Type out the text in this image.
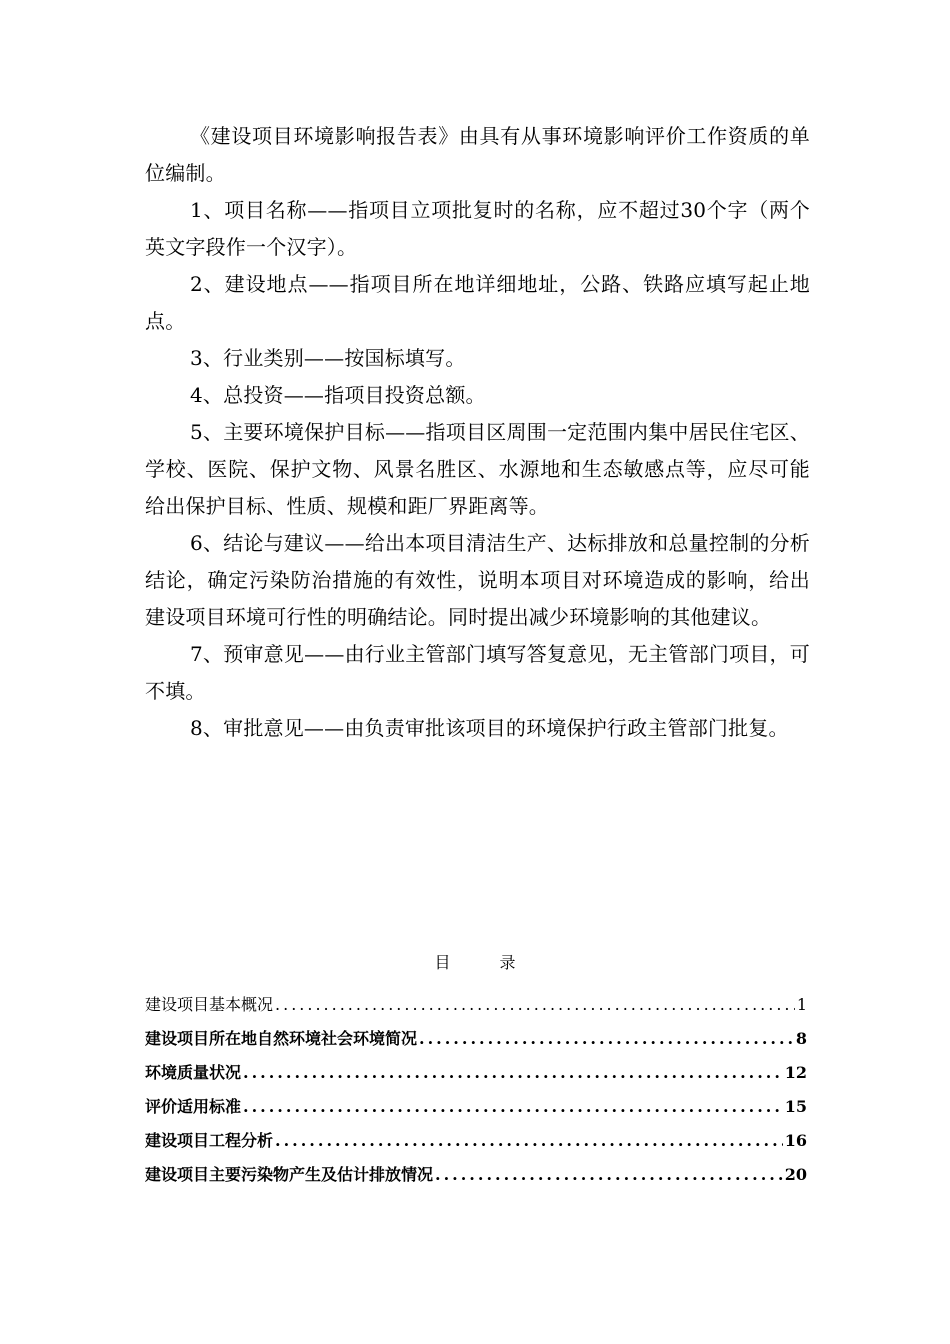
《建设项目环境影响报告表》由具有从事环境影响评价工作资质的单位编制。

1、项目名称——指项目立项批复时的名称，应不超过30个字（两个英文字段作一个汉字）。

2、建设地点——指项目所在地详细地址，公路、铁路应填写起止地点。

3、行业类别——按国标填写。

4、总投资——指项目投资总额。

5、主要环境保护目标——指项目区周围一定范围内集中居民住宅区、学校、医院、保护文物、风景名胜区、水源地和生态敏感点等，应尽可能给出保护目标、性质、规模和距厂界距离等。

6、结论与建议——给出本项目清洁生产、达标排放和总量控制的分析结论，确定污染防治措施的有效性，说明本项目对环境造成的影响，给出建设项目环境可行性的明确结论。同时提出减少环境影响的其他建议。

7、预审意见——由行业主管部门填写答复意见，无主管部门项目，可不填。

8、审批意见——由负责审批该项目的环境保护行政主管部门批复。

目 录
建设项目基本概况 .....	1
建设项目所在地自然环境社会环境简况 .....	8
环境质量状况 .....	12
评价适用标准 .....	15
建设项目工程分析 .....	16
建设项目主要污染物产生及估计排放情况 .....	20
